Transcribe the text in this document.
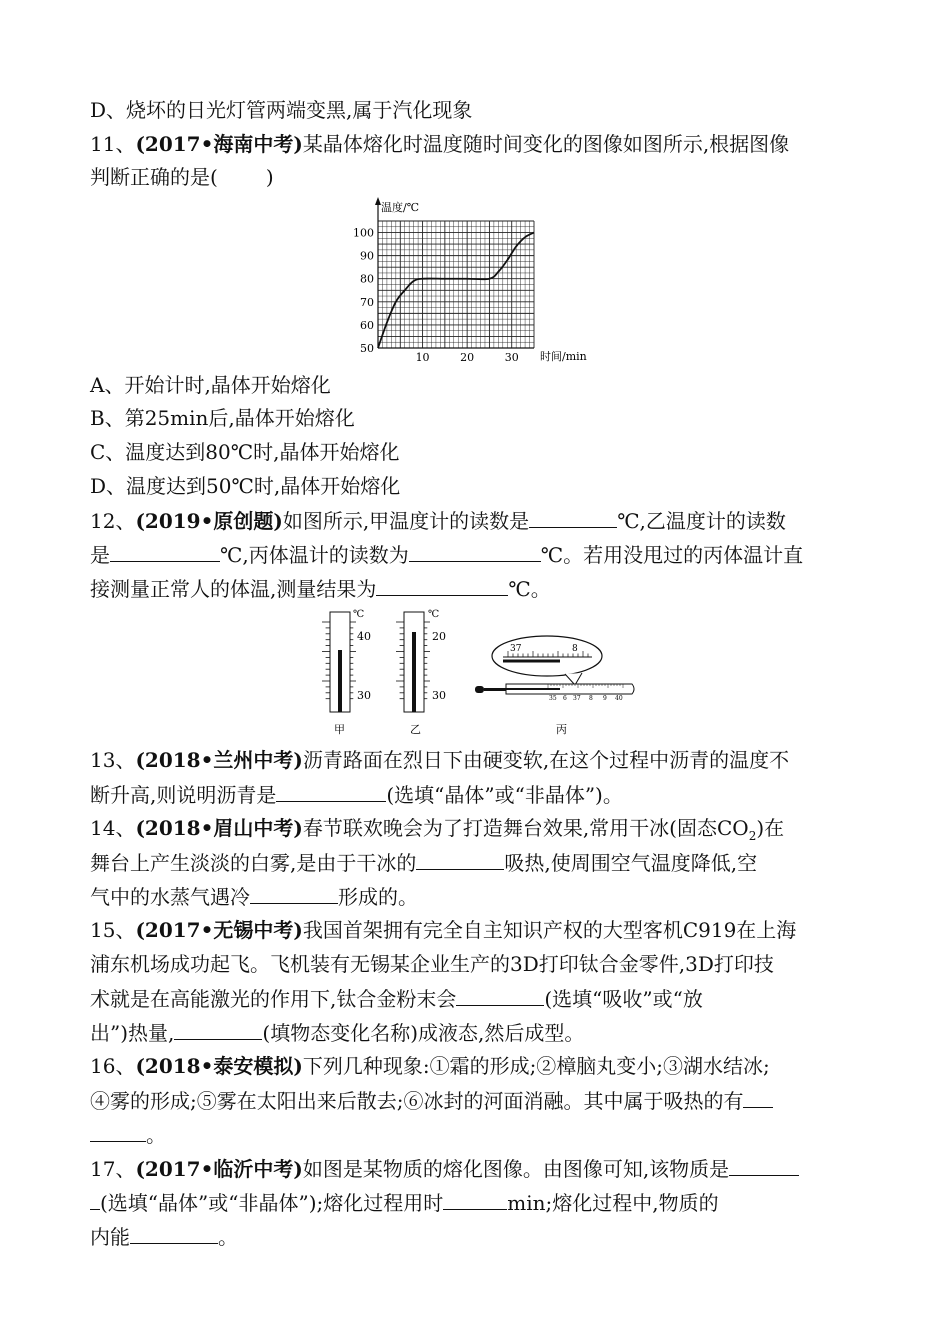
D、烧坏的日光灯管两端变黑,属于汽化现象
11、(2017•海南中考)某晶体熔化时温度随时间变化的图像如图所示,根据图像
判断正确的是( )
温度/℃
时间/min
50
60
70
80
90
100
10	20	30
A、开始计时,晶体开始熔化
B、第25min后,晶体开始熔化
C、温度达到80℃时,晶体开始熔化
D、温度达到50℃时,晶体开始熔化
12、(2019•原创题)如图所示,甲温度计的读数是	℃,乙温度计的读数
是	℃,丙体温计的读数为	℃。若用没甩过的丙体温计直
接测量正常人的体温,测量结果为	℃。
℃
40
30
甲
℃
20
30
乙
37	8
35 6 37 8 9 40
丙
13、(2018•兰州中考)沥青路面在烈日下由硬变软,在这个过程中沥青的温度不
断升高,则说明沥青是	(选填“晶体”或“非晶体”)。
14、(2018•眉山中考)春节联欢晚会为了打造舞台效果,常用干冰(固态$CO_2$)在
舞台上产生淡淡的白雾,是由于干冰的	吸热,使周围空气温度降低,空
气中的水蒸气遇冷	形成的。
15、(2017•无锡中考)我国首架拥有完全自主知识产权的大型客机C919在上海
浦东机场成功起飞。飞机装有无锡某企业生产的3D打印钛合金零件,3D打印技
术就是在高能激光的作用下,钛合金粉末会	(选填“吸收”或“放
出”)热量,	(填物态变化名称)成液态,然后成型。
16、(2018•泰安模拟)下列几种现象:①霜的形成;②樟脑丸变小;③湖水结冰;
④雾的形成;⑤雾在太阳出来后散去;⑥冰封的河面消融。其中属于吸热的有
。
17、(2017•临沂中考)如图是某物质的熔化图像。由图像可知,该物质是
(选填“晶体”或“非晶体”);熔化过程用时	min;熔化过程中,物质的
内能	。
